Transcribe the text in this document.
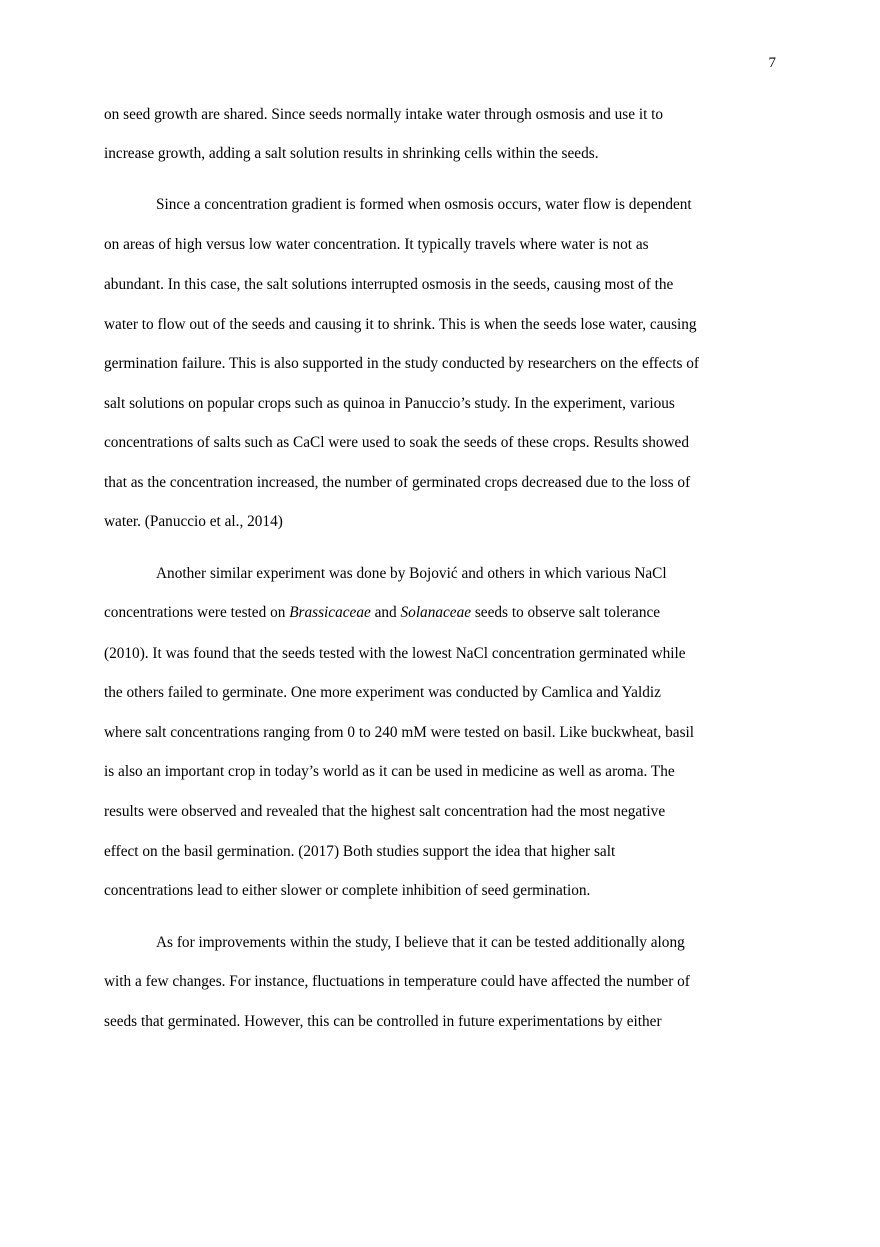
7
on seed growth are shared. Since seeds normally intake water through osmosis and use it to
increase growth, adding a salt solution results in shrinking cells within the seeds.
Since a concentration gradient is formed when osmosis occurs, water flow is dependent
on areas of high versus low water concentration. It typically travels where water is not as
abundant. In this case, the salt solutions interrupted osmosis in the seeds, causing most of the
water to flow out of the seeds and causing it to shrink. This is when the seeds lose water, causing
germination failure. This is also supported in the study conducted by researchers on the effects of
salt solutions on popular crops such as quinoa in Panuccio’s study. In the experiment, various
concentrations of salts such as CaCl were used to soak the seeds of these crops. Results showed
that as the concentration increased, the number of germinated crops decreased due to the loss of
water. (Panuccio et al., 2014)
Another similar experiment was done by Bojović and others in which various NaCl
concentrations were tested on Brassicaceae and Solanaceae seeds to observe salt tolerance
(2010). It was found that the seeds tested with the lowest NaCl concentration germinated while
the others failed to germinate. One more experiment was conducted by Camlica and Yaldiz
where salt concentrations ranging from 0 to 240 mM were tested on basil. Like buckwheat, basil
is also an important crop in today’s world as it can be used in medicine as well as aroma. The
results were observed and revealed that the highest salt concentration had the most negative
effect on the basil germination. (2017) Both studies support the idea that higher salt
concentrations lead to either slower or complete inhibition of seed germination.
As for improvements within the study, I believe that it can be tested additionally along
with a few changes. For instance, fluctuations in temperature could have affected the number of
seeds that germinated. However, this can be controlled in future experimentations by either
